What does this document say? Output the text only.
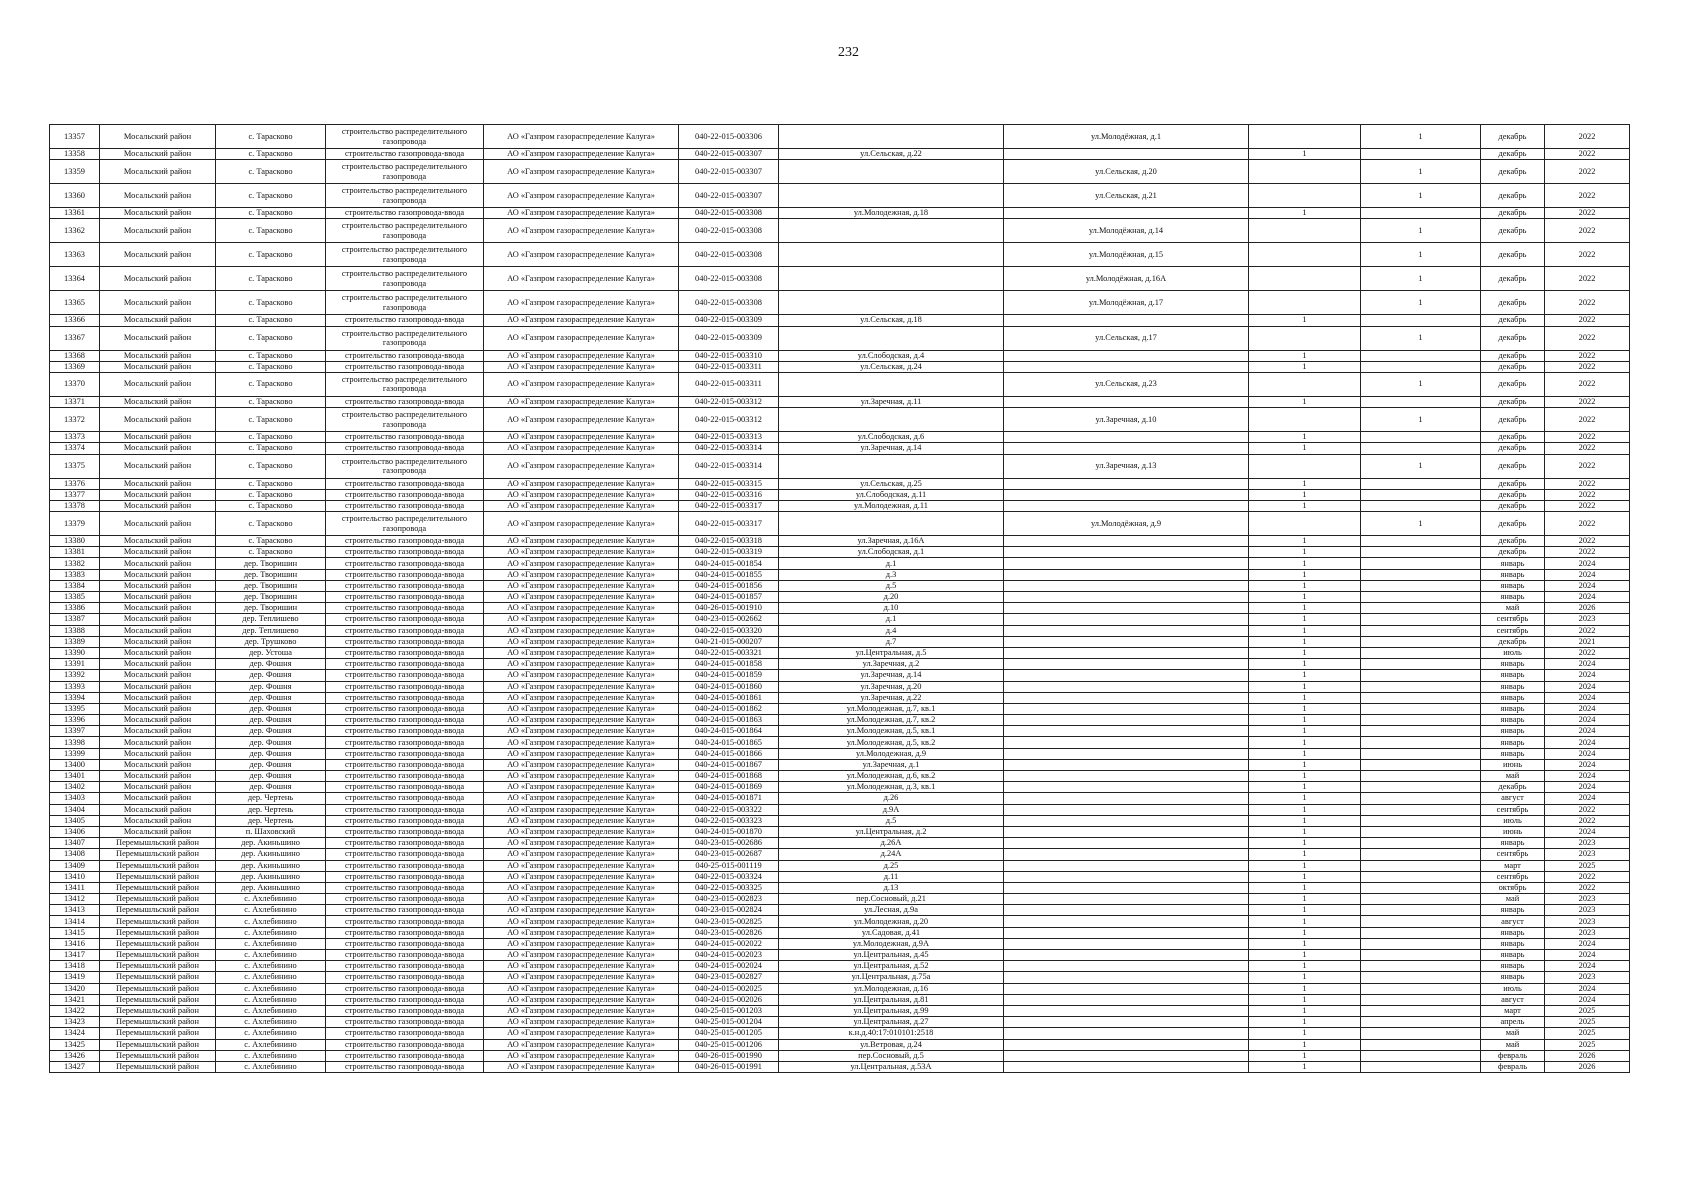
232
13357	Мосальский район	с. Тарасково	строительство распределительного газопровода	АО «Газпром газораспределение Калуга»	040-22-015-003306		ул.Молодёжная, д.1		1	декабрь	2022
13358	Мосальский район	с. Тарасково	строительство газопровода-ввода	АО «Газпром газораспределение Калуга»	040-22-015-003307	ул.Сельская, д.22		1		декабрь	2022
13359	Мосальский район	с. Тарасково	строительство распределительного газопровода	АО «Газпром газораспределение Калуга»	040-22-015-003307		ул.Сельская, д.20		1	декабрь	2022
13360	Мосальский район	с. Тарасково	строительство распределительного газопровода	АО «Газпром газораспределение Калуга»	040-22-015-003307		ул.Сельская, д.21		1	декабрь	2022
13361	Мосальский район	с. Тарасково	строительство газопровода-ввода	АО «Газпром газораспределение Калуга»	040-22-015-003308	ул.Молодежная, д.18		1		декабрь	2022
13362	Мосальский район	с. Тарасково	строительство распределительного газопровода	АО «Газпром газораспределение Калуга»	040-22-015-003308		ул.Молодёжная, д.14		1	декабрь	2022
13363	Мосальский район	с. Тарасково	строительство распределительного газопровода	АО «Газпром газораспределение Калуга»	040-22-015-003308		ул.Молодёжная, д.15		1	декабрь	2022
13364	Мосальский район	с. Тарасково	строительство распределительного газопровода	АО «Газпром газораспределение Калуга»	040-22-015-003308		ул.Молодёжная, д.16А		1	декабрь	2022
13365	Мосальский район	с. Тарасково	строительство распределительного газопровода	АО «Газпром газораспределение Калуга»	040-22-015-003308		ул.Молодёжная, д.17		1	декабрь	2022
13366	Мосальский район	с. Тарасково	строительство газопровода-ввода	АО «Газпром газораспределение Калуга»	040-22-015-003309	ул.Сельская, д.18		1		декабрь	2022
13367	Мосальский район	с. Тарасково	строительство распределительного газопровода	АО «Газпром газораспределение Калуга»	040-22-015-003309		ул.Сельская, д.17		1	декабрь	2022
13368	Мосальский район	с. Тарасково	строительство газопровода-ввода	АО «Газпром газораспределение Калуга»	040-22-015-003310	ул.Слободская, д.4		1		декабрь	2022
13369	Мосальский район	с. Тарасково	строительство газопровода-ввода	АО «Газпром газораспределение Калуга»	040-22-015-003311	ул.Сельская, д.24		1		декабрь	2022
13370	Мосальский район	с. Тарасково	строительство распределительного газопровода	АО «Газпром газораспределение Калуга»	040-22-015-003311		ул.Сельская, д.23		1	декабрь	2022
13371	Мосальский район	с. Тарасково	строительство газопровода-ввода	АО «Газпром газораспределение Калуга»	040-22-015-003312	ул.Заречная, д.11		1		декабрь	2022
13372	Мосальский район	с. Тарасково	строительство распределительного газопровода	АО «Газпром газораспределение Калуга»	040-22-015-003312		ул.Заречная, д.10		1	декабрь	2022
13373	Мосальский район	с. Тарасково	строительство газопровода-ввода	АО «Газпром газораспределение Калуга»	040-22-015-003313	ул.Слободская, д.6		1		декабрь	2022
13374	Мосальский район	с. Тарасково	строительство газопровода-ввода	АО «Газпром газораспределение Калуга»	040-22-015-003314	ул.Заречная, д.14		1		декабрь	2022
13375	Мосальский район	с. Тарасково	строительство распределительного газопровода	АО «Газпром газораспределение Калуга»	040-22-015-003314		ул.Заречная, д.13		1	декабрь	2022
13376	Мосальский район	с. Тарасково	строительство газопровода-ввода	АО «Газпром газораспределение Калуга»	040-22-015-003315	ул.Сельская, д.25		1		декабрь	2022
13377	Мосальский район	с. Тарасково	строительство газопровода-ввода	АО «Газпром газораспределение Калуга»	040-22-015-003316	ул.Слободская, д.11		1		декабрь	2022
13378	Мосальский район	с. Тарасково	строительство газопровода-ввода	АО «Газпром газораспределение Калуга»	040-22-015-003317	ул.Молодежная, д.11		1		декабрь	2022
13379	Мосальский район	с. Тарасково	строительство распределительного газопровода	АО «Газпром газораспределение Калуга»	040-22-015-003317		ул.Молодёжная, д.9		1	декабрь	2022
13380	Мосальский район	с. Тарасково	строительство газопровода-ввода	АО «Газпром газораспределение Калуга»	040-22-015-003318	ул.Заречная, д.16А		1		декабрь	2022
13381	Мосальский район	с. Тарасково	строительство газопровода-ввода	АО «Газпром газораспределение Калуга»	040-22-015-003319	ул.Слободская, д.1		1		декабрь	2022
13382	Мосальский район	дер. Творишин	строительство газопровода-ввода	АО «Газпром газораспределение Калуга»	040-24-015-001854	д.1		1		январь	2024
13383	Мосальский район	дер. Творишин	строительство газопровода-ввода	АО «Газпром газораспределение Калуга»	040-24-015-001855	д.3		1		январь	2024
13384	Мосальский район	дер. Творишин	строительство газопровода-ввода	АО «Газпром газораспределение Калуга»	040-24-015-001856	д.5		1		январь	2024
13385	Мосальский район	дер. Творишин	строительство газопровода-ввода	АО «Газпром газораспределение Калуга»	040-24-015-001857	д.20		1		январь	2024
13386	Мосальский район	дер. Творишин	строительство газопровода-ввода	АО «Газпром газораспределение Калуга»	040-26-015-001910	д.10		1		май	2026
13387	Мосальский район	дер. Теплишево	строительство газопровода-ввода	АО «Газпром газораспределение Калуга»	040-23-015-002662	д.1		1		сентябрь	2023
13388	Мосальский район	дер. Теплишево	строительство газопровода-ввода	АО «Газпром газораспределение Калуга»	040-22-015-003320	д.4		1		сентябрь	2022
13389	Мосальский район	дер. Трушково	строительство газопровода-ввода	АО «Газпром газораспределение Калуга»	040-21-015-000207	д.7		1		декабрь	2021
13390	Мосальский район	дер. Устоша	строительство газопровода-ввода	АО «Газпром газораспределение Калуга»	040-22-015-003321	ул.Центральная, д.5		1		июль	2022
13391	Мосальский район	дер. Фошня	строительство газопровода-ввода	АО «Газпром газораспределение Калуга»	040-24-015-001858	ул.Заречная, д.2		1		январь	2024
13392	Мосальский район	дер. Фошня	строительство газопровода-ввода	АО «Газпром газораспределение Калуга»	040-24-015-001859	ул.Заречная, д.14		1		январь	2024
13393	Мосальский район	дер. Фошня	строительство газопровода-ввода	АО «Газпром газораспределение Калуга»	040-24-015-001860	ул.Заречная, д.20		1		январь	2024
13394	Мосальский район	дер. Фошня	строительство газопровода-ввода	АО «Газпром газораспределение Калуга»	040-24-015-001861	ул.Заречная, д.22		1		январь	2024
13395	Мосальский район	дер. Фошня	строительство газопровода-ввода	АО «Газпром газораспределение Калуга»	040-24-015-001862	ул.Молодежная, д.7, кв.1		1		январь	2024
13396	Мосальский район	дер. Фошня	строительство газопровода-ввода	АО «Газпром газораспределение Калуга»	040-24-015-001863	ул.Молодежная, д.7, кв.2		1		январь	2024
13397	Мосальский район	дер. Фошня	строительство газопровода-ввода	АО «Газпром газораспределение Калуга»	040-24-015-001864	ул.Молодежная, д.5, кв.1		1		январь	2024
13398	Мосальский район	дер. Фошня	строительство газопровода-ввода	АО «Газпром газораспределение Калуга»	040-24-015-001865	ул.Молодежная, д.5, кв.2		1		январь	2024
13399	Мосальский район	дер. Фошня	строительство газопровода-ввода	АО «Газпром газораспределение Калуга»	040-24-015-001866	ул.Молодежная, д.9		1		январь	2024
13400	Мосальский район	дер. Фошня	строительство газопровода-ввода	АО «Газпром газораспределение Калуга»	040-24-015-001867	ул.Заречная, д.1		1		июнь	2024
13401	Мосальский район	дер. Фошня	строительство газопровода-ввода	АО «Газпром газораспределение Калуга»	040-24-015-001868	ул.Молодежная, д.6, кв.2		1		май	2024
13402	Мосальский район	дер. Фошня	строительство газопровода-ввода	АО «Газпром газораспределение Калуга»	040-24-015-001869	ул.Молодежная, д.3, кв.1		1		декабрь	2024
13403	Мосальский район	дер. Чертень	строительство газопровода-ввода	АО «Газпром газораспределение Калуга»	040-24-015-001871	д.26		1		август	2024
13404	Мосальский район	дер. Чертень	строительство газопровода-ввода	АО «Газпром газораспределение Калуга»	040-22-015-003322	д.9А		1		сентябрь	2022
13405	Мосальский район	дер. Чертень	строительство газопровода-ввода	АО «Газпром газораспределение Калуга»	040-22-015-003323	д.5		1		июль	2022
13406	Мосальский район	п. Шаховский	строительство газопровода-ввода	АО «Газпром газораспределение Калуга»	040-24-015-001870	ул.Центральная, д.2		1		июнь	2024
13407	Перемышльский район	дер. Акиньшино	строительство газопровода-ввода	АО «Газпром газораспределение Калуга»	040-23-015-002686	д.26А		1		январь	2023
13408	Перемышльский район	дер. Акиньшино	строительство газопровода-ввода	АО «Газпром газораспределение Калуга»	040-23-015-002687	д.24А		1		сентябрь	2023
13409	Перемышльский район	дер. Акиньшино	строительство газопровода-ввода	АО «Газпром газораспределение Калуга»	040-25-015-001119	д.25		1		март	2025
13410	Перемышльский район	дер. Акиньшино	строительство газопровода-ввода	АО «Газпром газораспределение Калуга»	040-22-015-003324	д.11		1		сентябрь	2022
13411	Перемышльский район	дер. Акиньшино	строительство газопровода-ввода	АО «Газпром газораспределение Калуга»	040-22-015-003325	д.13		1		октябрь	2022
13412	Перемышльский район	с. Ахлебинино	строительство газопровода-ввода	АО «Газпром газораспределение Калуга»	040-23-015-002823	пер.Сосновый, д.21		1		май	2023
13413	Перемышльский район	с. Ахлебинино	строительство газопровода-ввода	АО «Газпром газораспределение Калуга»	040-23-015-002824	ул.Лесная, д.9а		1		январь	2023
13414	Перемышльский район	с. Ахлебинино	строительство газопровода-ввода	АО «Газпром газораспределение Калуга»	040-23-015-002825	ул.Молодежная, д.20		1		август	2023
13415	Перемышльский район	с. Ахлебинино	строительство газопровода-ввода	АО «Газпром газораспределение Калуга»	040-23-015-002826	ул.Садовая, д.41		1		январь	2023
13416	Перемышльский район	с. Ахлебинино	строительство газопровода-ввода	АО «Газпром газораспределение Калуга»	040-24-015-002022	ул.Молодежная, д.9А		1		январь	2024
13417	Перемышльский район	с. Ахлебинино	строительство газопровода-ввода	АО «Газпром газораспределение Калуга»	040-24-015-002023	ул.Центральная, д.45		1		январь	2024
13418	Перемышльский район	с. Ахлебинино	строительство газопровода-ввода	АО «Газпром газораспределение Калуга»	040-24-015-002024	ул.Центральная, д.52		1		январь	2024
13419	Перемышльский район	с. Ахлебинино	строительство газопровода-ввода	АО «Газпром газораспределение Калуга»	040-23-015-002827	ул.Центральная, д.75а		1		январь	2023
13420	Перемышльский район	с. Ахлебинино	строительство газопровода-ввода	АО «Газпром газораспределение Калуга»	040-24-015-002025	ул.Молодежная, д.16		1		июль	2024
13421	Перемышльский район	с. Ахлебинино	строительство газопровода-ввода	АО «Газпром газораспределение Калуга»	040-24-015-002026	ул.Центральная, д.81		1		август	2024
13422	Перемышльский район	с. Ахлебинино	строительство газопровода-ввода	АО «Газпром газораспределение Калуга»	040-25-015-001203	ул.Центральная, д.99		1		март	2025
13423	Перемышльский район	с. Ахлебинино	строительство газопровода-ввода	АО «Газпром газораспределение Калуга»	040-25-015-001204	ул.Центральная, д.27		1		апрель	2025
13424	Перемышльский район	с. Ахлебинино	строительство газопровода-ввода	АО «Газпром газораспределение Калуга»	040-25-015-001205	к.н.д.40:17:010101:2518		1		май	2025
13425	Перемышльский район	с. Ахлебинино	строительство газопровода-ввода	АО «Газпром газораспределение Калуга»	040-25-015-001206	ул.Ветровая, д.24		1		май	2025
13426	Перемышльский район	с. Ахлебинино	строительство газопровода-ввода	АО «Газпром газораспределение Калуга»	040-26-015-001990	пер.Сосновый, д.5		1		февраль	2026
13427	Перемышльский район	с. Ахлебинино	строительство газопровода-ввода	АО «Газпром газораспределение Калуга»	040-26-015-001991	ул.Центральная, д.53А		1		февраль	2026
